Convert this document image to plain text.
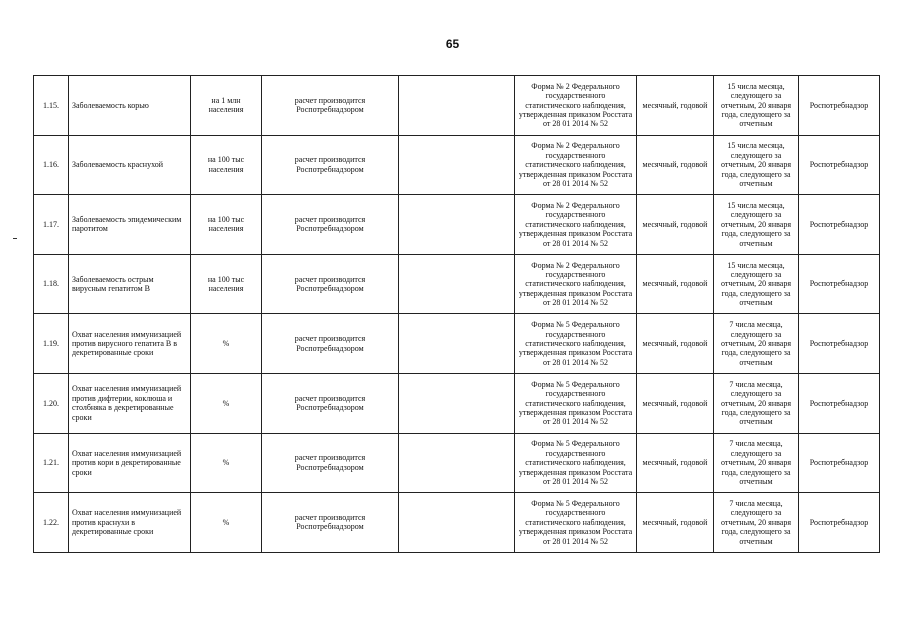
65
1.15.	Заболеваемость корью	на 1 млн населения	расчет производится Роспотребнадзором		Форма № 2 Федерального государственного статистического наблюдения, утвержденная приказом Росстата от 28 01 2014 № 52	месячный, годовой	15 числа месяца, следующего за отчетным, 20 января года, следующего за отчетным	Роспотребнадзор
1.16.	Заболеваемость краснухой	на 100 тыс населения	расчет производится Роспотребнадзором		Форма № 2 Федерального государственного статистического наблюдения, утвержденная приказом Росстата от 28 01 2014 № 52	месячный, годовой	15 числа месяца, следующего за отчетным, 20 января года, следующего за отчетным	Роспотребнадзор
1.17.	Заболеваемость эпидемическим паротитом	на 100 тыс населения	расчет производится Роспотребнадзором		Форма № 2 Федерального государственного статистического наблюдения, утвержденная приказом Росстата от 28 01 2014 № 52	месячный, годовой	15 числа месяца, следующего за отчетным, 20 января года, следующего за отчетным	Роспотребнадзор
1.18.	Заболеваемость острым вирусным гепатитом В	на 100 тыс населения	расчет производится Роспотребнадзором		Форма № 2 Федерального государственного статистического наблюдения, утвержденная приказом Росстата от 28 01 2014 № 52	месячный, годовой	15 числа месяца, следующего за отчетным, 20 января года, следующего за отчетным	Роспотребнадзор
1.19.	Охват населения иммунизацией против вирусного гепатита В в декретированные сроки	%	расчет производится Роспотребнадзором		Форма № 5 Федерального государственного статистического наблюдения, утвержденная приказом Росстата от 28 01 2014 № 52	месячный, годовой	7 числа месяца, следующего за отчетным, 20 января года, следующего за отчетным	Роспотребнадзор
1.20.	Охват населения иммунизацией против дифтерии, коклюша и столбняка в декретированные сроки	%	расчет производится Роспотребнадзором		Форма № 5 Федерального государственного статистического наблюдения, утвержденная приказом Росстата от 28 01 2014 № 52	месячный, годовой	7 числа месяца, следующего за отчетным, 20 января года, следующего за отчетным	Роспотребнадзор
1.21.	Охват населения иммунизацией против кори в декретированные сроки	%	расчет производится Роспотребнадзором		Форма № 5 Федерального государственного статистического наблюдения, утвержденная приказом Росстата от 28 01 2014 № 52	месячный, годовой	7 числа месяца, следующего за отчетным, 20 января года, следующего за отчетным	Роспотребнадзор
1.22.	Охват населения иммунизацией против краснухи в декретированные сроки	%	расчет производится Роспотребнадзором		Форма № 5 Федерального государственного статистического наблюдения, утвержденная приказом Росстата от 28 01 2014 № 52	месячный, годовой	7 числа месяца, следующего за отчетным, 20 января года, следующего за отчетным	Роспотребнадзор
